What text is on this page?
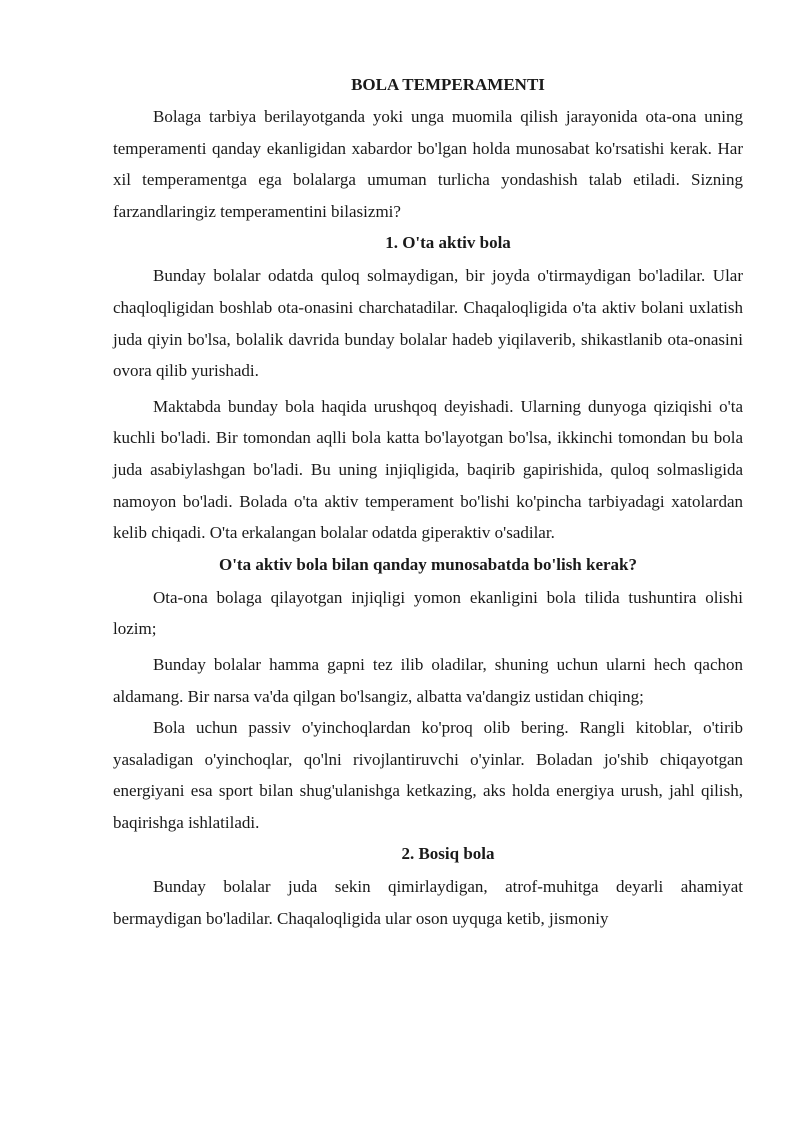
BOLA TEMPERAMENTI

Bolaga tarbiya berilayotganda yoki unga muomila qilish jarayonida ota-ona uning temperamenti qanday ekanligidan xabardor bo'lgan holda munosabat ko'rsatishi kerak. Har xil temperamentga ega bolalarga umuman turlicha yondashish talab etiladi. Sizning farzandlaringiz temperamentini bilasizmi?

1. O'ta aktiv bola

Bunday bolalar odatda quloq solmaydigan, bir joyda o'tirmaydigan bo'ladilar. Ular chaqloqligidan boshlab ota-onasini charchatadilar. Chaqaloqligida o'ta aktiv bolani uxlatish juda qiyin bo'lsa, bolalik davrida bunday bolalar hadeb yiqilaverib, shikastlanib ota-onasini ovora qilib yurishadi.

Maktabda bunday bola haqida urushqoq deyishadi. Ularning dunyoga qiziqishi o'ta kuchli bo'ladi. Bir tomondan aqlli bola katta bo'layotgan bo'lsa, ikkinchi tomondan bu bola juda asabiylashgan bo'ladi. Bu uning injiqligida, baqirib gapirishida, quloq solmasligida namoyon bo'ladi. Bolada o'ta aktiv temperament bo'lishi ko'pincha tarbiyadagi xatolardan kelib chiqadi. O'ta erkalangan bolalar odatda giperaktiv o'sadilar.

O'ta aktiv bola bilan qanday munosabatda bo'lish kerak?

Ota-ona bolaga qilayotgan injiqligi yomon ekanligini bola tilida tushuntira olishi lozim;

Bunday bolalar hamma gapni tez ilib oladilar, shuning uchun ularni hech qachon aldamang. Bir narsa va'da qilgan bo'lsangiz, albatta va'dangiz ustidan chiqing;

Bola uchun passiv o'yinchoqlardan ko'proq olib bering. Rangli kitoblar, o'tirib yasaladigan o'yinchoqlar, qo'lni rivojlantiruvchi o'yinlar. Boladan jo'shib chiqayotgan energiyani esa sport bilan shug'ulanishga ketkazing, aks holda energiya urush, jahl qilish, baqirishga ishlatiladi.

2. Bosiq bola

Bunday bolalar juda sekin qimirlaydigan, atrof-muhitga deyarli ahamiyat bermaydigan bo'ladilar. Chaqaloqligida ular oson uyquga ketib, jismoniy
